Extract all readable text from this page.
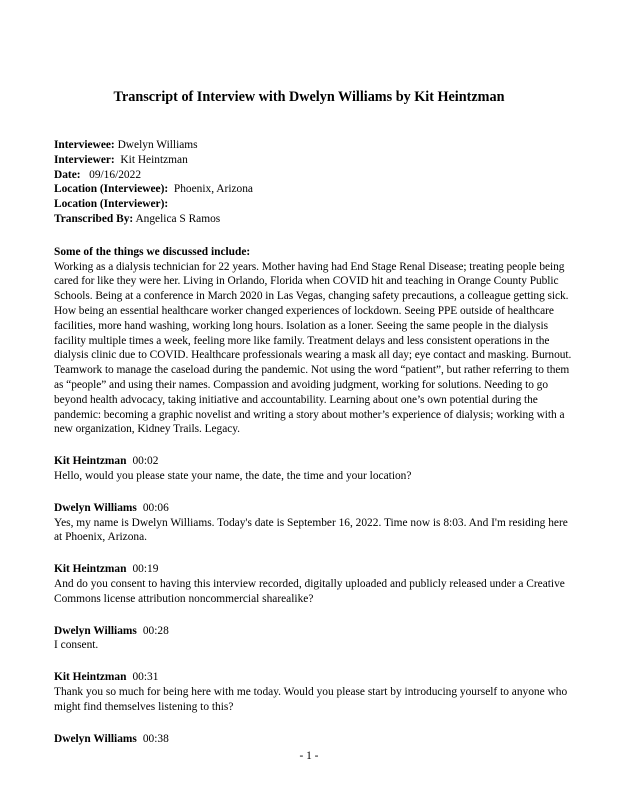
Transcript of Interview with Dwelyn Williams by Kit Heintzman

Interviewee: Dwelyn Williams

Interviewer: Kit Heintzman

Date: 09/16/2022

Location (Interviewee): Phoenix, Arizona

Location (Interviewer):

Transcribed By: Angelica S Ramos

Some of the things we discussed include:

Working as a dialysis technician for 22 years. Mother having had End Stage Renal Disease; treating people being cared for like they were her. Living in Orlando, Florida when COVID hit and teaching in Orange County Public Schools. Being at a conference in March 2020 in Las Vegas, changing safety precautions, a colleague getting sick. How being an essential healthcare worker changed experiences of lockdown. Seeing PPE outside of healthcare facilities, more hand washing, working long hours. Isolation as a loner. Seeing the same people in the dialysis facility multiple times a week, feeling more like family. Treatment delays and less consistent operations in the dialysis clinic due to COVID. Healthcare professionals wearing a mask all day; eye contact and masking. Burnout. Teamwork to manage the caseload during the pandemic. Not using the word “patient”, but rather referring to them as “people” and using their names. Compassion and avoiding judgment, working for solutions. Needing to go beyond health advocacy, taking initiative and accountability. Learning about one’s own potential during the pandemic: becoming a graphic novelist and writing a story about mother’s experience of dialysis; working with a new organization, Kidney Trails. Legacy.

Kit Heintzman 00:02

Hello, would you please state your name, the date, the time and your location?

Dwelyn Williams 00:06

Yes, my name is Dwelyn Williams. Today's date is September 16, 2022. Time now is 8:03. And I'm residing here at Phoenix, Arizona.

Kit Heintzman 00:19

And do you consent to having this interview recorded, digitally uploaded and publicly released under a Creative Commons license attribution noncommercial sharealike?

Dwelyn Williams 00:28

I consent.

Kit Heintzman 00:31

Thank you so much for being here with me today. Would you please start by introducing yourself to anyone who might find themselves listening to this?

Dwelyn Williams 00:38

- 1 -
